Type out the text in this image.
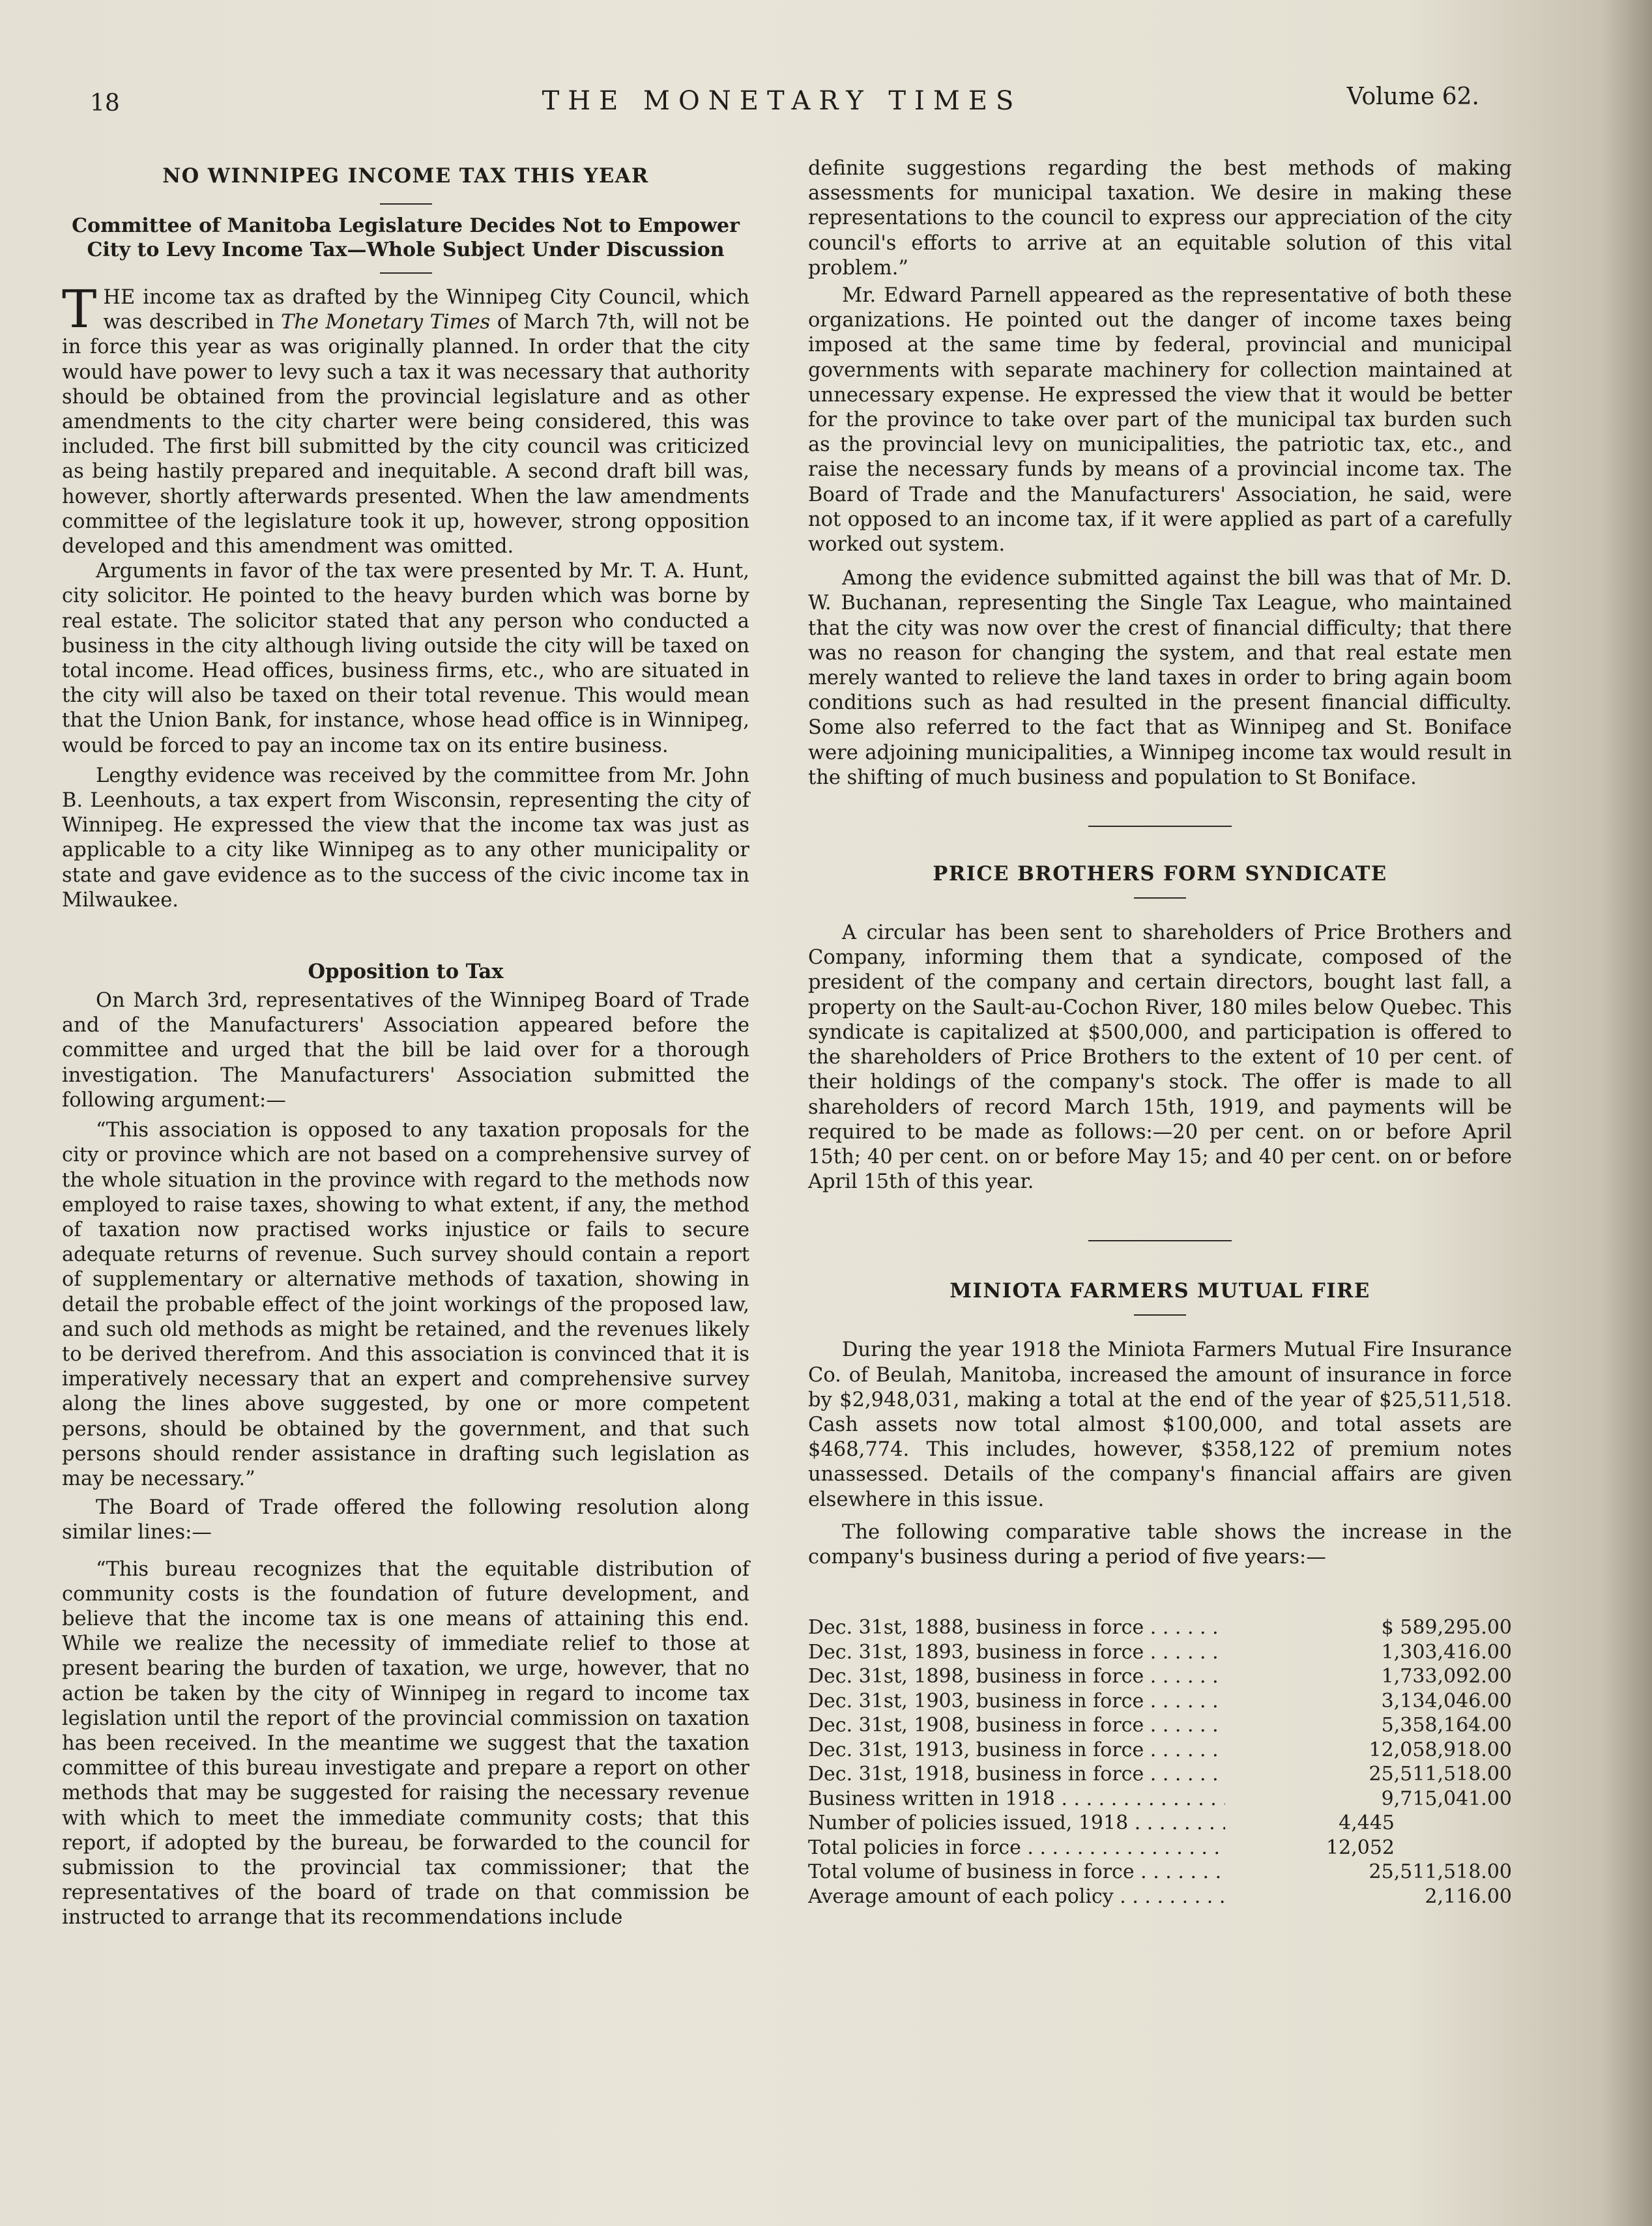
18	THE MONETARY TIMES	Volume 62.
NO WINNIPEG INCOME TAX THIS YEAR
Committee of Manitoba Legislature Decides Not to Empower City to Levy Income Tax—Whole Subject Under Discussion

THE income tax as drafted by the Winnipeg City Council, which was described in The Monetary Times of March 7th, will not be in force this year as was originally planned. In order that the city would have power to levy such a tax it was necessary that authority should be obtained from the provincial legislature and as other amendments to the city charter were being considered, this was included. The first bill submitted by the city council was criticized as being hastily prepared and inequitable. A second draft bill was, however, shortly afterwards presented. When the law amendments committee of the legislature took it up, however, strong opposition developed and this amendment was omitted.

Arguments in favor of the tax were presented by Mr. T. A. Hunt, city solicitor. He pointed to the heavy burden which was borne by real estate. The solicitor stated that any person who conducted a business in the city although living outside the city will be taxed on total income. Head offices, business firms, etc., who are situated in the city will also be taxed on their total revenue. This would mean that the Union Bank, for instance, whose head office is in Winnipeg, would be forced to pay an income tax on its entire business.

Lengthy evidence was received by the committee from Mr. John B. Leenhouts, a tax expert from Wisconsin, representing the city of Winnipeg. He expressed the view that the income tax was just as applicable to a city like Winnipeg as to any other municipality or state and gave evidence as to the success of the civic income tax in Milwaukee.

Opposition to Tax

On March 3rd, representatives of the Winnipeg Board of Trade and of the Manufacturers' Association appeared before the committee and urged that the bill be laid over for a thorough investigation. The Manufacturers' Association submitted the following argument:—

“This association is opposed to any taxation proposals for the city or province which are not based on a comprehensive survey of the whole situation in the province with regard to the methods now employed to raise taxes, showing to what extent, if any, the method of taxation now practised works injustice or fails to secure adequate returns of revenue. Such survey should contain a report of supplementary or alternative methods of taxation, showing in detail the probable effect of the joint workings of the proposed law, and such old methods as might be retained, and the revenues likely to be derived therefrom. And this association is convinced that it is imperatively necessary that an expert and comprehensive survey along the lines above suggested, by one or more competent persons, should be obtained by the government, and that such persons should render assistance in drafting such legislation as may be necessary.”

The Board of Trade offered the following resolution along similar lines:—

“This bureau recognizes that the equitable distribution of community costs is the foundation of future development, and believe that the income tax is one means of attaining this end. While we realize the necessity of immediate relief to those at present bearing the burden of taxation, we urge, however, that no action be taken by the city of Winnipeg in regard to income tax legislation until the report of the provincial commission on taxation has been received. In the meantime we suggest that the taxation committee of this bureau investigate and prepare a report on other methods that may be suggested for raising the necessary revenue with which to meet the immediate community costs; that this report, if adopted by the bureau, be forwarded to the council for submission to the provincial tax commissioner; that the representatives of the board of trade on that commission be instructed to arrange that its recommendations include

definite suggestions regarding the best methods of making assessments for municipal taxation. We desire in making these representations to the council to express our appreciation of the city council's efforts to arrive at an equitable solution of this vital problem.”

Mr. Edward Parnell appeared as the representative of both these organizations. He pointed out the danger of income taxes being imposed at the same time by federal, provincial and municipal governments with separate machinery for collection maintained at unnecessary expense. He expressed the view that it would be better for the province to take over part of the municipal tax burden such as the provincial levy on municipalities, the patriotic tax, etc., and raise the necessary funds by means of a provincial income tax. The Board of Trade and the Manufacturers' Association, he said, were not opposed to an income tax, if it were applied as part of a carefully worked out system.

Among the evidence submitted against the bill was that of Mr. D. W. Buchanan, representing the Single Tax League, who maintained that the city was now over the crest of financial difficulty; that there was no reason for changing the system, and that real estate men merely wanted to relieve the land taxes in order to bring again boom conditions such as had resulted in the present financial difficulty. Some also referred to the fact that as Winnipeg and St. Boniface were adjoining municipalities, a Winnipeg income tax would result in the shifting of much business and population to St Boniface.

PRICE BROTHERS FORM SYNDICATE

A circular has been sent to shareholders of Price Brothers and Company, informing them that a syndicate, composed of the president of the company and certain directors, bought last fall, a property on the Sault-au-Cochon River, 180 miles below Quebec. This syndicate is capitalized at $500,000, and participation is offered to the shareholders of Price Brothers to the extent of 10 per cent. of their holdings of the company's stock. The offer is made to all shareholders of record March 15th, 1919, and payments will be required to be made as follows:—20 per cent. on or before April 15th; 40 per cent. on or before May 15; and 40 per cent. on or before April 15th of this year.

MINIOTA FARMERS MUTUAL FIRE

During the year 1918 the Miniota Farmers Mutual Fire Insurance Co. of Beulah, Manitoba, increased the amount of insurance in force by $2,948,031, making a total at the end of the year of $25,511,518. Cash assets now total almost $100,000, and total assets are $468,774. This includes, however, $358,122 of premium notes unassessed. Details of the company's financial affairs are given elsewhere in this issue.

The following comparative table shows the increase in the company's business during a period of five years:—

Dec. 31st, 1888, business in force . . .	$ 589,295.00
Dec. 31st, 1893, business in force . . .	1,303,416.00
Dec. 31st, 1898, business in force . . .	1,733,092.00
Dec. 31st, 1903, business in force . . .	3,134,046.00
Dec. 31st, 1908, business in force . . .	5,358,164.00
Dec. 31st, 1913, business in force . . .	12,058,918.00
Dec. 31st, 1918, business in force . . .	25,511,518.00
Business written in 1918 . . .	9,715,041.00
Number of policies issued, 1918 . . .	4,445
Total policies in force . . .	12,052
Total volume of business in force . . .	25,511,518.00
Average amount of each policy . . .	2,116.00
